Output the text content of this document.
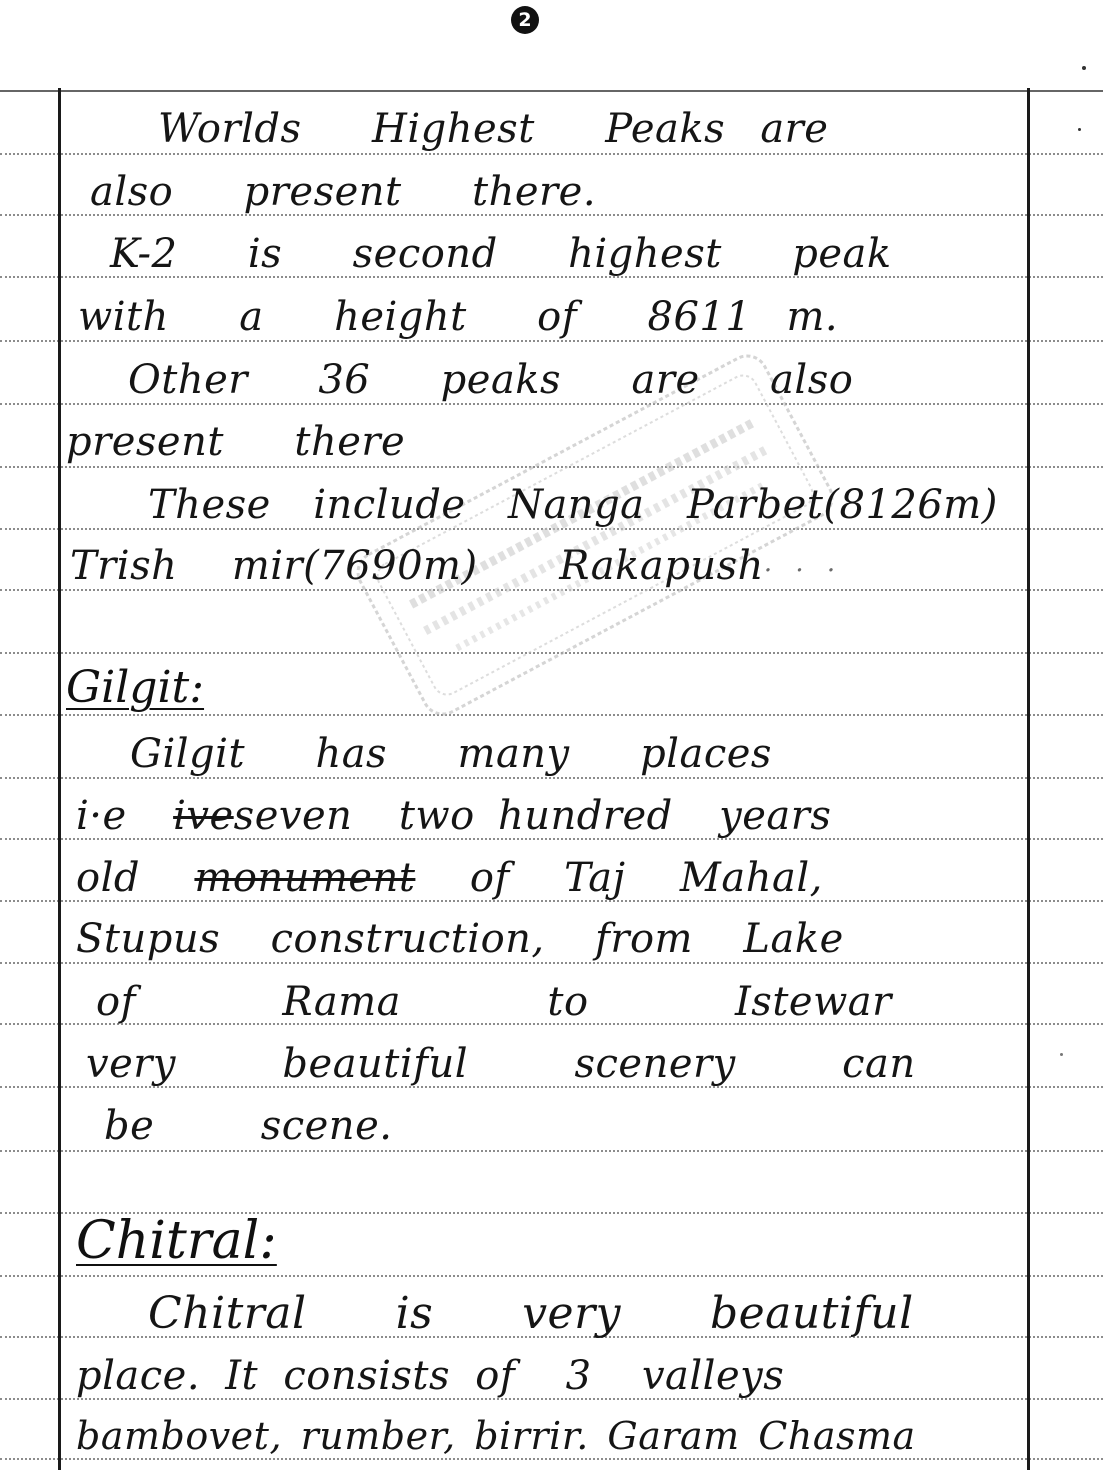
2
Worlds  Highest  Peaks are
also  present  there.
K-2  is  second  highest  peak
with  a  height  of  8611 m.
Other  36  peaks  are  also
present  there
These  include  Nanga  Parbet(8126m)
Trish  mir(7690m)   Rakapush· · ·
Gilgit:
Gilgit  has  many  places
i·e  iveseven  two hundred  years
old  monument  of  Taj  Mahal,
Stupus  construction,  from  Lake
of  Rama  to  Istewar
very  beautiful  scenery  can
be  scene.
Chitral:
Chitral  is  very  beautiful
place. It consists of  3  valleys
bambovet, rumber, birrir. Garam Chasma
